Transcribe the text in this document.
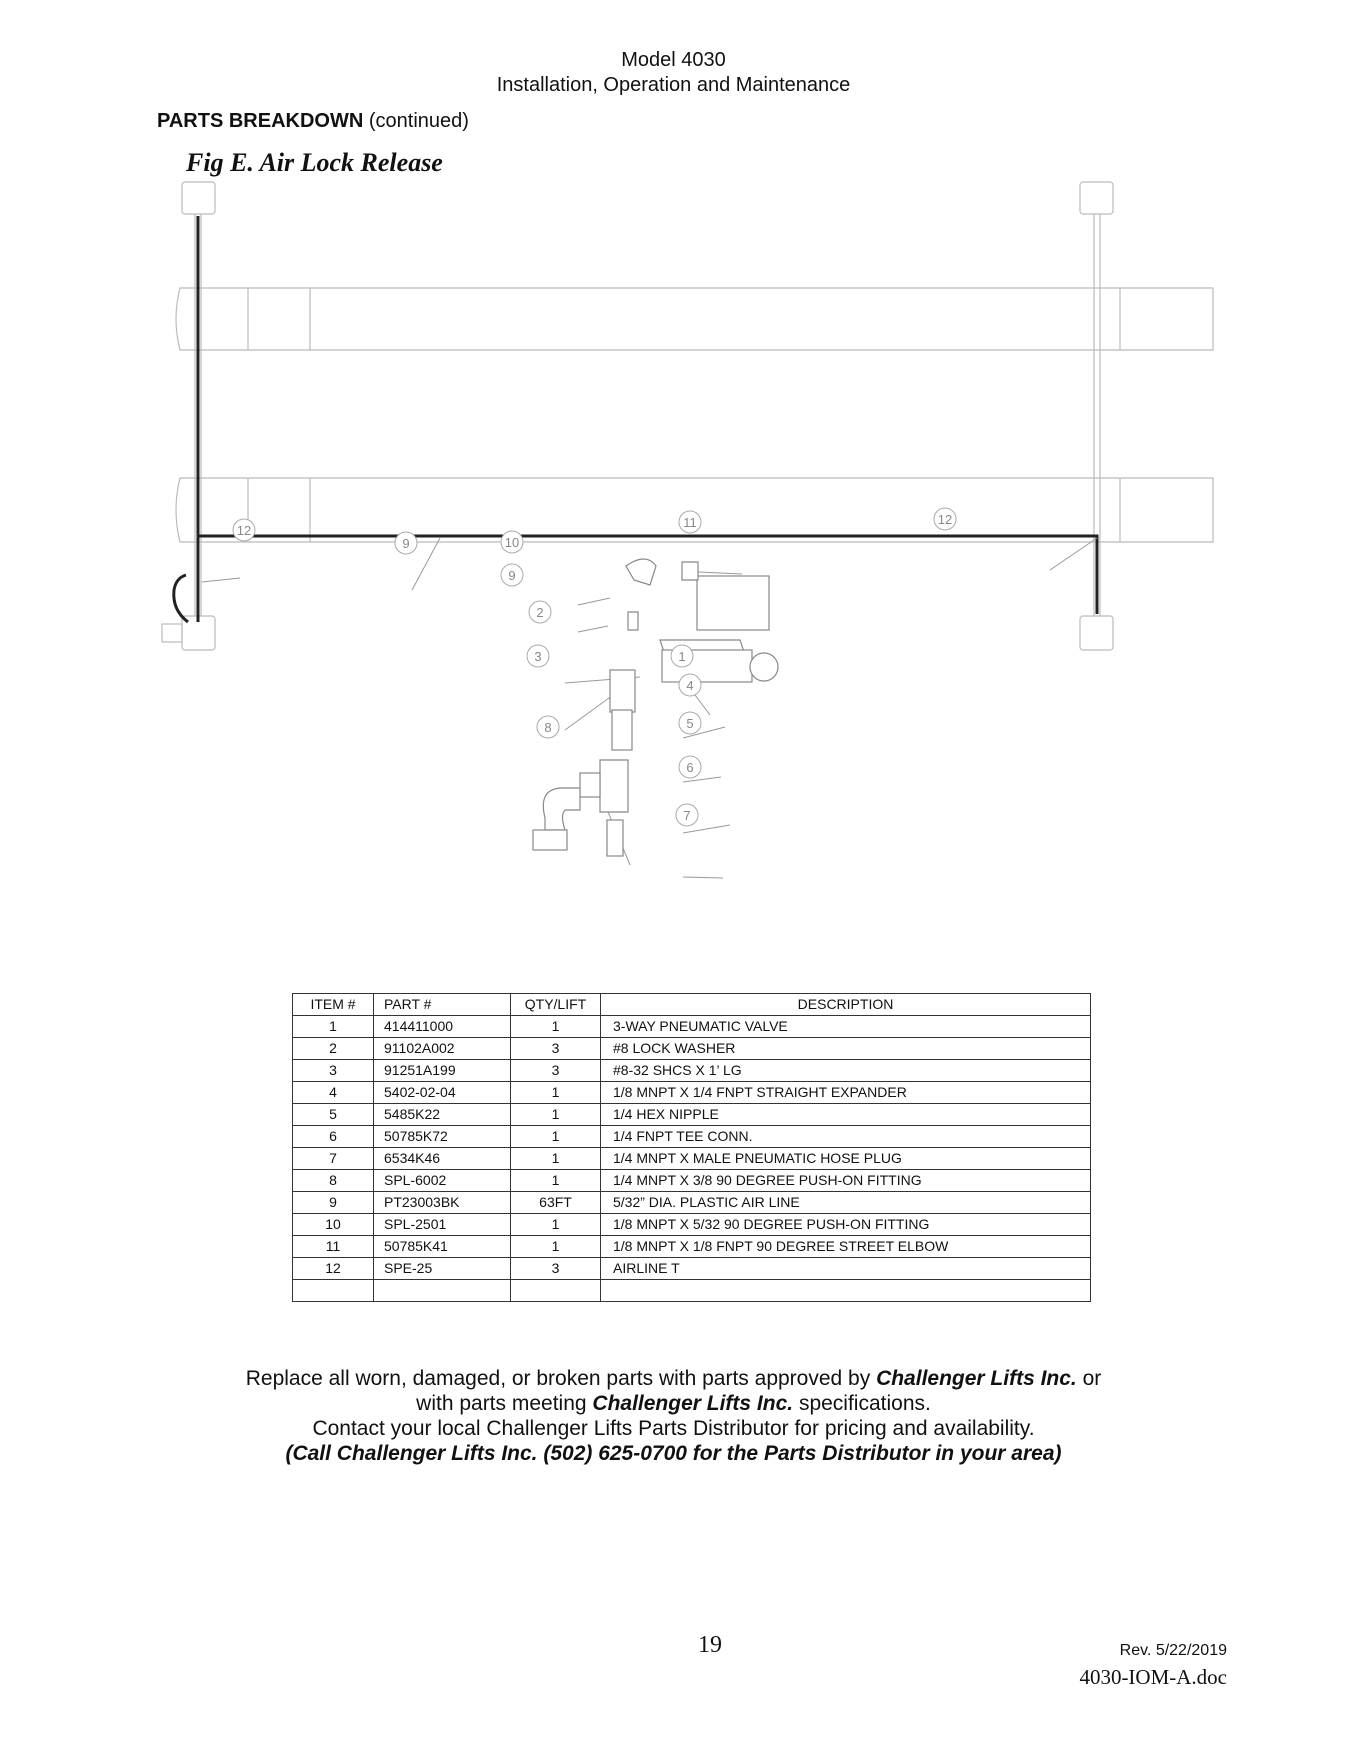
Model 4030
Installation, Operation and Maintenance
PARTS BREAKDOWN (continued)
Fig E. Air Lock Release
12
9
12
11
10
9
2
3	1
4
5
8
6
7
ITEM #	PART #	QTY/LIFT	DESCRIPTION
1	414411000	1	3-WAY PNEUMATIC VALVE
2	91102A002	3	#8 LOCK WASHER
3	91251A199	3	#8-32 SHCS X 1’ LG
4	5402-02-04	1	1/8 MNPT X 1/4 FNPT STRAIGHT EXPANDER
5	5485K22	1	1/4 HEX NIPPLE
6	50785K72	1	1/4 FNPT TEE CONN.
7	6534K46	1	1/4 MNPT X MALE PNEUMATIC HOSE PLUG
8	SPL-6002	1	1/4 MNPT X 3/8 90 DEGREE PUSH-ON FITTING
9	PT23003BK	63FT	5/32” DIA. PLASTIC AIR LINE
10	SPL-2501	1	1/8 MNPT X 5/32 90 DEGREE PUSH-ON FITTING
11	50785K41	1	1/8 MNPT X 1/8 FNPT 90 DEGREE STREET ELBOW
12	SPE-25	3	AIRLINE T

Replace all worn, damaged, or broken parts with parts approved by Challenger Lifts Inc. or
with parts meeting Challenger Lifts Inc. specifications.
Contact your local Challenger Lifts Parts Distributor for pricing and availability.
(Call Challenger Lifts Inc. (502) 625-0700 for the Parts Distributor in your area)
19	Rev. 5/22/2019
4030-IOM-A.doc
